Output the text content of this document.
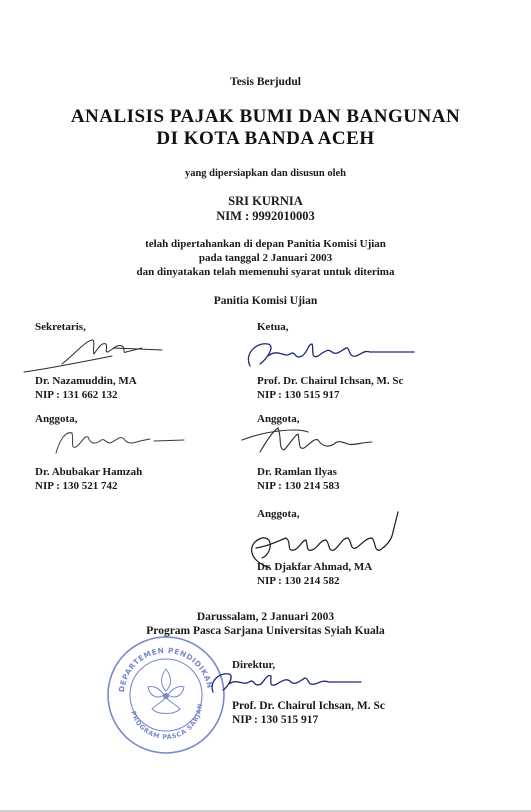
Tesis Berjudul
ANALISIS PAJAK BUMI DAN BANGUNAN
DI KOTA BANDA ACEH
yang dipersiapkan dan disusun oleh
SRI KURNIA
NIM : 9992010003
telah dipertahankan di depan Panitia Komisi Ujian
pada tanggal 2 Januari 2003
dan dinyatakan telah memenuhi syarat untuk diterima
Panitia Komisi Ujian
Sekretaris,
Dr. Nazamuddin, MA
NIP : 131 662 132
Ketua,
Prof. Dr. Chairul Ichsan, M. Sc
NIP : 130 515 917
Anggota,
Dr. Abubakar Hamzah
NIP : 130 521 742
Anggota,
Dr. Ramlan Ilyas
NIP : 130 214 583
Anggota,
Dr. Djakfar Ahmad, MA
NIP : 130 214 582
Darussalam, 2 Januari 2003
Program Pasca Sarjana Universitas Syiah Kuala
DEPARTEMEN PENDIDIKAN
PROGRAM PASCA SARJAN
Direktur,
Prof. Dr. Chairul Ichsan, M. Sc
NIP : 130 515 917
